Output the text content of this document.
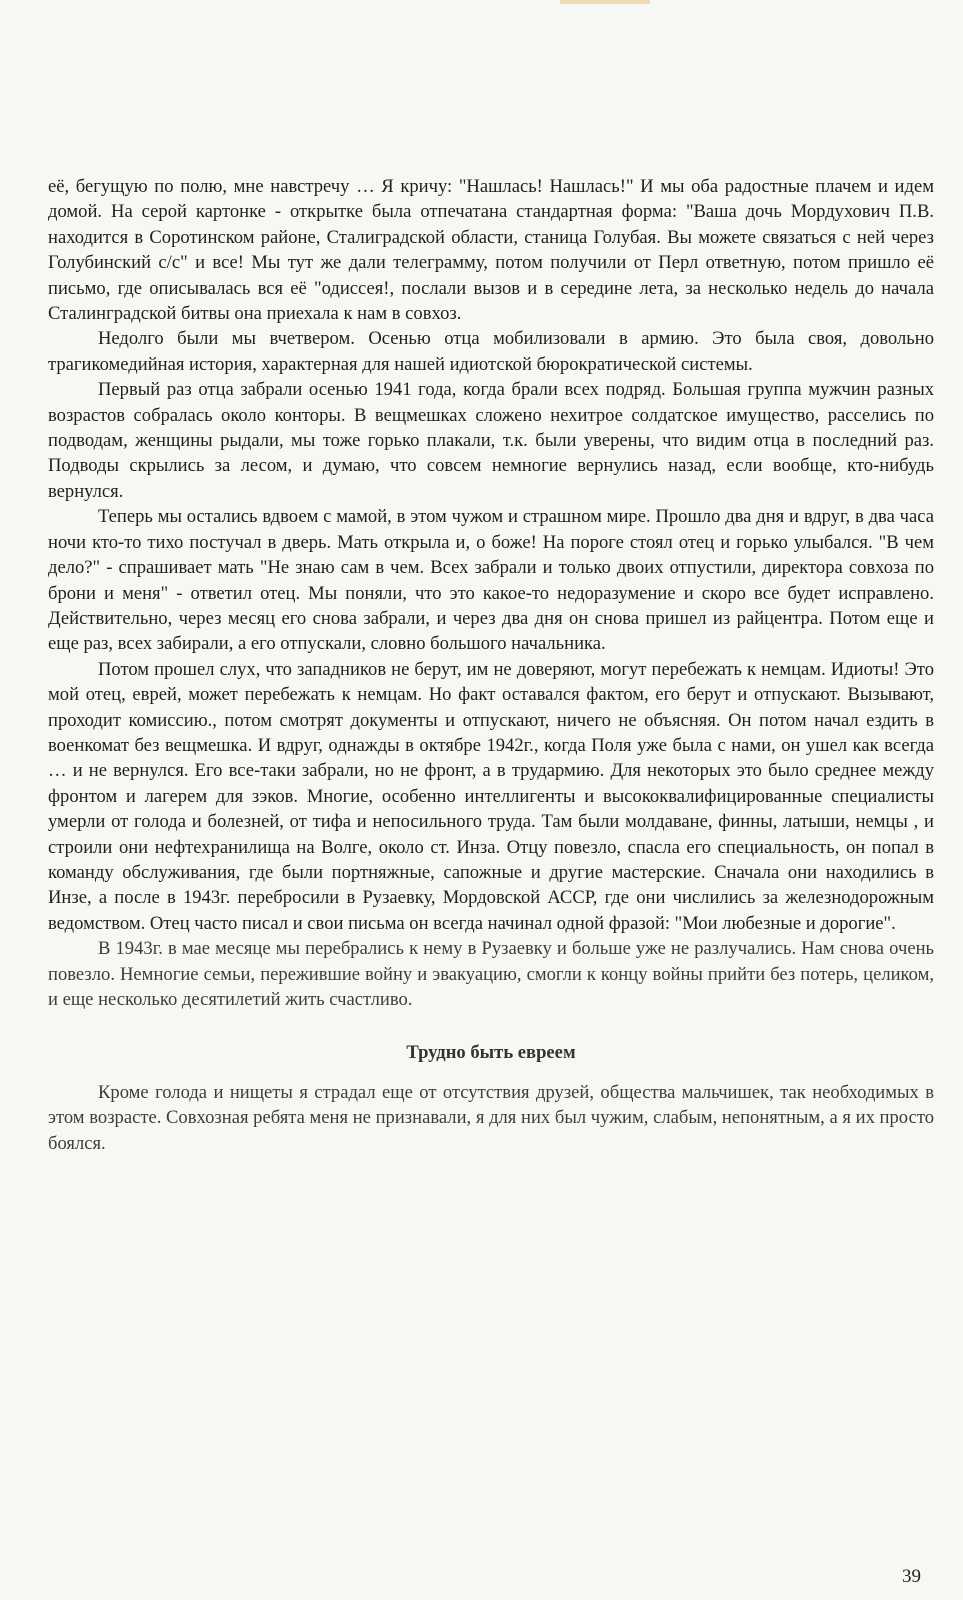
её, бегущую по полю, мне навстречу … Я кричу: "Нашлась! Нашлась!" И мы оба радостные плачем и идем домой. На серой картонке - открытке была отпечатана стандартная форма: "Ваша дочь Мордухович П.В. находится в Соротинском районе, Сталиградской области, станица Голубая. Вы можете связаться с ней через Голубинский с/с" и все! Мы тут же дали телеграмму, потом получили от Перл ответную, потом пришло её письмо, где описывалась вся её "одиссея!, послали вызов и в середине лета, за несколько недель до начала Сталинградской битвы она приехала к нам в совхоз.

Недолго были мы вчетвером. Осенью отца мобилизовали в армию. Это была своя, довольно трагикомедийная история, характерная для нашей идиотской бюрократической системы.

Первый раз отца забрали осенью 1941 года, когда брали всех подряд. Большая группа мужчин разных возрастов собралась около конторы. В вещмешках сложено нехитрое солдатское имущество, расселись по подводам, женщины рыдали, мы тоже горько плакали, т.к. были уверены, что видим отца в последний раз. Подводы скрылись за лесом, и думаю, что совсем немногие вернулись назад, если вообще, кто-нибудь вернулся.

Теперь мы остались вдвоем с мамой, в этом чужом и страшном мире. Прошло два дня и вдруг, в два часа ночи кто-то тихо постучал в дверь. Мать открыла и, о боже! На пороге стоял отец и горько улыбался. "В чем дело?" - спрашивает мать "Не знаю сам в чем. Всех забрали и только двоих отпустили, директора совхоза по брони и меня" - ответил отец. Мы поняли, что это какое-то недоразумение и скоро все будет исправлено. Действительно, через месяц его снова забрали, и через два дня он снова пришел из райцентра. Потом еще и еще раз, всех забирали, а его отпускали, словно большого начальника.

Потом прошел слух, что западников не берут, им не доверяют, могут перебежать к немцам. Идиоты! Это мой отец, еврей, может перебежать к немцам. Но факт оставался фактом, его берут и отпускают. Вызывают, проходит комиссию., потом смотрят документы и отпускают, ничего не объясняя. Он потом начал ездить в военкомат без вещмешка. И вдруг, однажды в октябре 1942г., когда Поля уже была с нами, он ушел как всегда … и не вернулся. Его все-таки забрали, но не фронт, а в трудармию. Для некоторых это было среднее между фронтом и лагерем для зэков. Многие, особенно интеллигенты и высококвалифицированные специалисты умерли от голода и болезней, от тифа и непосильного труда. Там были молдаване, финны, латыши, немцы , и строили они нефтехранилища на Волге, около ст. Инза. Отцу повезло, спасла его специальность, он попал в команду обслуживания, где были портняжные, сапожные и другие мастерские. Сначала они находились в Инзе, а после в 1943г. перебросили в Рузаевку, Мордовской АССР, где они числились за железнодорожным ведомством. Отец часто писал и свои письма он всегда начинал одной фразой: "Мои любезные и дорогие".

В 1943г. в мае месяце мы перебрались к нему в Рузаевку и больше уже не разлучались. Нам снова очень повезло. Немногие семьи, пережившие войну и эвакуацию, смогли к концу войны прийти без потерь, целиком, и еще несколько десятилетий жить счастливо.

Трудно быть евреем

Кроме голода и нищеты я страдал еще от отсутствия друзей, общества мальчишек, так необходимых в этом возрасте. Совхозная ребята меня не признавали, я для них был чужим, слабым, непонятным, а я их просто боялся.

39
